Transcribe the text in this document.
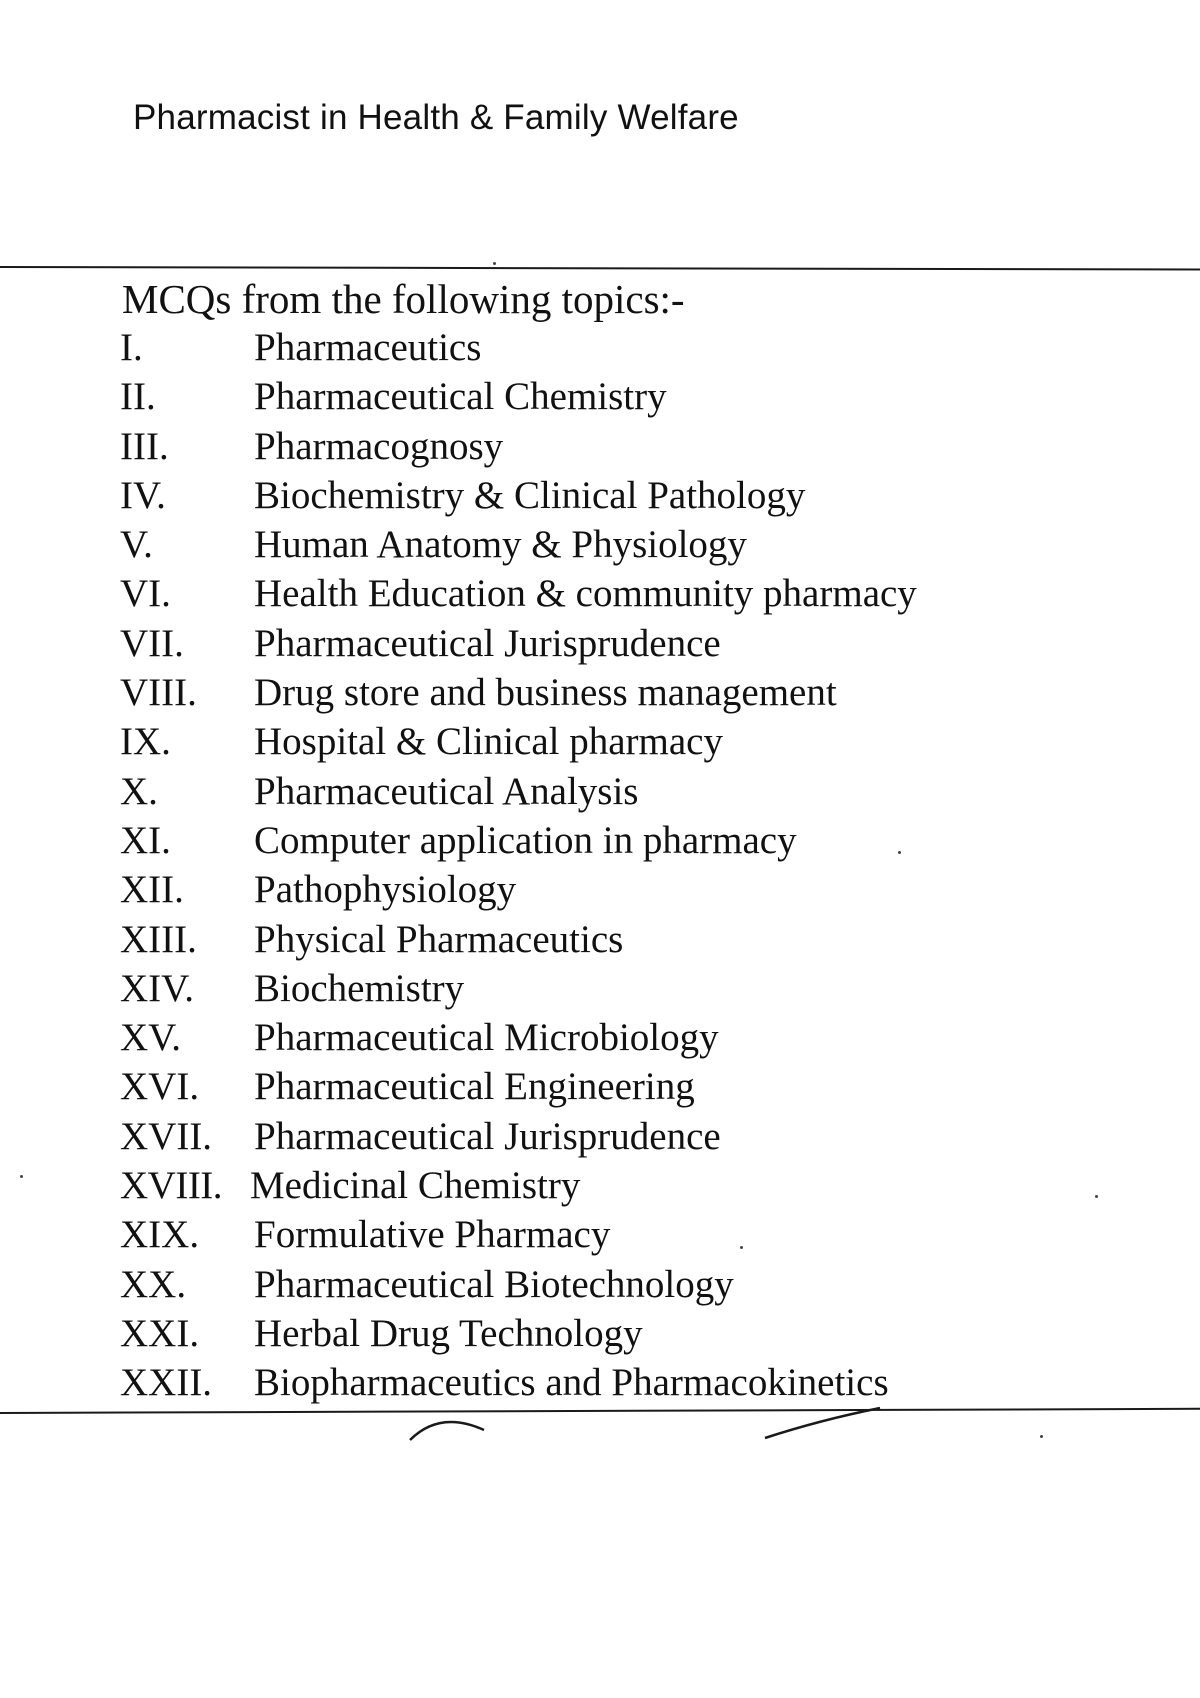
Pharmacist in Health & Family Welfare
MCQs from the following topics:-
I.	Pharmaceutics
II.	Pharmaceutical Chemistry
III. Pharmacognosy
IV. Biochemistry & Clinical Pathology
V.	Human Anatomy & Physiology
VI. Health Education & community pharmacy
VII. Pharmaceutical Jurisprudence
VIII. Drug store and business management
IX. Hospital & Clinical pharmacy
X. Pharmaceutical Analysis
XI. Computer application in pharmacy
XII. Pathophysiology
XIII. Physical Pharmaceutics
XIV. Biochemistry
XV. Pharmaceutical Microbiology
XVI. Pharmaceutical Engineering
XVII. Pharmaceutical Jurisprudence
XVIII. Medicinal Chemistry
XIX. Formulative Pharmacy
XX. Pharmaceutical Biotechnology
XXI. Herbal Drug Technology
XXII. Biopharmaceutics and Pharmacokinetics
